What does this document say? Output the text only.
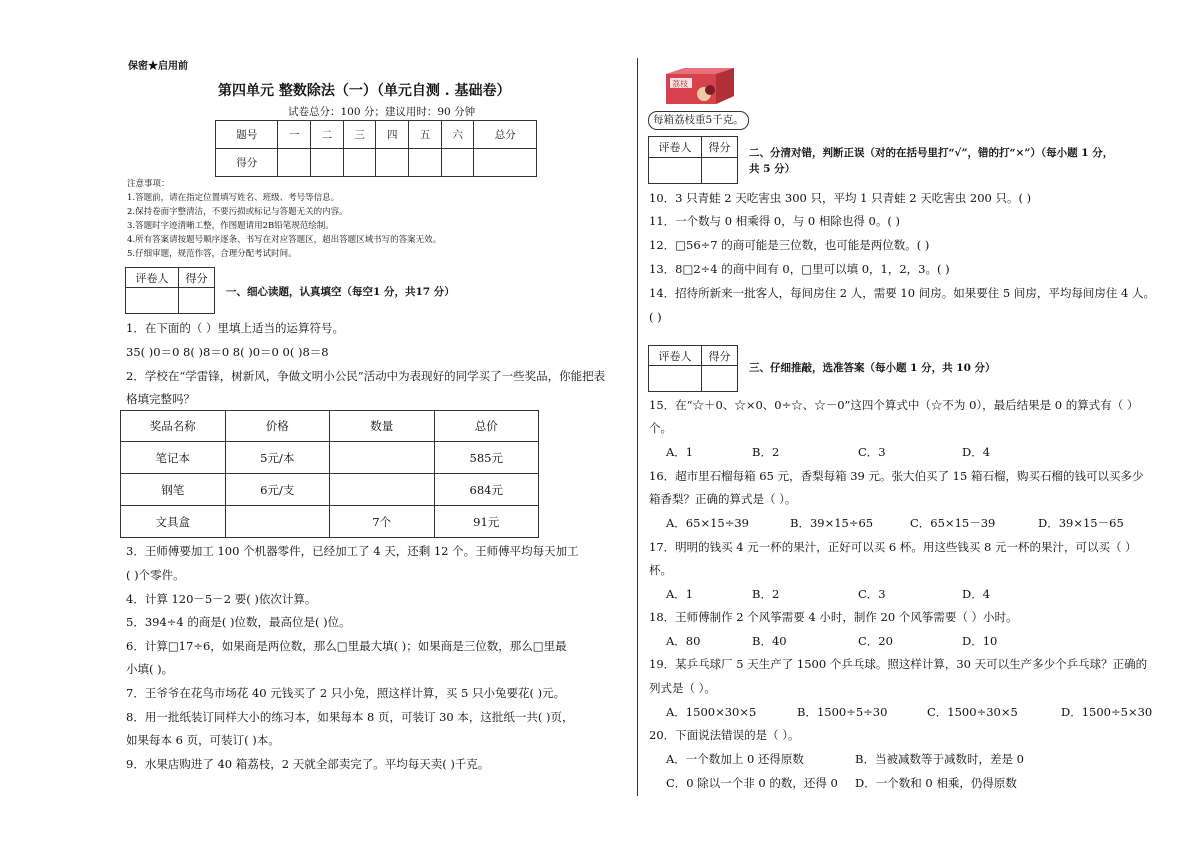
保密★启用前
第四单元 整数除法（一）（单元自测 . 基础卷）
试卷总分：100 分；建议用时：90 分钟
题号	一	二	三	四	五	六	总分
得分							
注意事项：
1.答题前，请在指定位置填写姓名、班级、考号等信息。
2.保持卷面字整清洁，不要污损或标记与答题无关的内容。
3.答题时字迹清晰工整，作图题请用2B铅笔规范绘制。
4.所有答案请按题号顺序逐条、书写在对应答题区，超出答题区域书写的答案无效。
5.仔细审题，规范作答，合理分配考试时间。
评卷人	得分

一、细心读题，认真填空（每空1 分，共17 分）
1．在下面的（ ）里填上适当的运算符号。
35( )0＝0 8( )8＝0 8( )0＝0 0( )8＝8
2．学校在“学雷锋，树新风，争做文明小公民”活动中为表现好的同学买了一些奖品，你能把表
格填完整吗？
奖品名称	价格	数量	总价
笔记本	5元/本		585元
钢笔	6元/支		684元
文具盒		7个	91元
3．王师傅要加工 100 个机器零件，已经加工了 4 天，还剩 12 个。王师傅平均每天加工
( )个零件。
4．计算 120－5－2 要( )依次计算。
5．394÷4 的商是( )位数，最高位是( )位。
6．计算□17÷6，如果商是两位数，那么□里最大填( )；如果商是三位数，那么□里最
小填( )。
7．王爷爷在花鸟市场花 40 元钱买了 2 只小兔，照这样计算，买 5 只小兔要花( )元。
8．用一批纸装订同样大小的练习本，如果每本 8 页，可装订 30 本，这批纸一共( )页，
如果每本 6 页，可装订( )本。
9．水果店购进了 40 箱荔枝，2 天就全部卖完了。平均每天卖( )千克。
荔枝
每箱荔枝重5千克。
评卷人	得分
	二、分清对错，判断正误（对的在括号里打“√”，错的打“×”）（每小题 1 分，
共 5 分）
10．3 只青蛙 2 天吃害虫 300 只，平均 1 只青蛙 2 天吃害虫 200 只。( )
11．一个数与 0 相乘得 0，与 0 相除也得 0。( )
12．□56÷7 的商可能是三位数，也可能是两位数。( )
13．8□2÷4 的商中间有 0，□里可以填 0，1，2，3。( )
14．招待所新来一批客人，每间房住 2 人，需要 10 间房。如果要住 5 间房，平均每间房住 4 人。
( )
评卷人	得分

三、仔细推敲，选准答案（每小题 1 分，共 10 分）
15．在“☆＋0、☆×0、0÷☆、☆－0”这四个算式中（☆不为 0），最后结果是 0 的算式有（ ）
个。
A．1	B．2	C．3	D．4
16．超市里石榴每箱 65 元，香梨每箱 39 元。张大伯买了 15 箱石榴，购买石榴的钱可以买多少
箱香梨？正确的算式是（ ）。
A．65×15÷39	B．39×15÷65	C．65×15－39	D．39×15－65
17．明明的钱买 4 元一杯的果汁，正好可以买 6 杯。用这些钱买 8 元一杯的果汁，可以买（ ）
杯。
A．1	B．2	C．3	D．4
18．王师傅制作 2 个风筝需要 4 小时，制作 20 个风筝需要（ ）小时。
A．80	B．40	C．20	D．10
19．某乒乓球厂 5 天生产了 1500 个乒乓球。照这样计算，30 天可以生产多少个乒乓球？正确的
列式是（ ）。
A．1500×30×5	B．1500÷5÷30	C．1500÷30×5	D．1500÷5×30
20．下面说法错误的是（ ）。
A．一个数加上 0 还得原数	B．当被减数等于减数时，差是 0
C．0 除以一个非 0 的数，还得 0 D．一个数和 0 相乘，仍得原数
